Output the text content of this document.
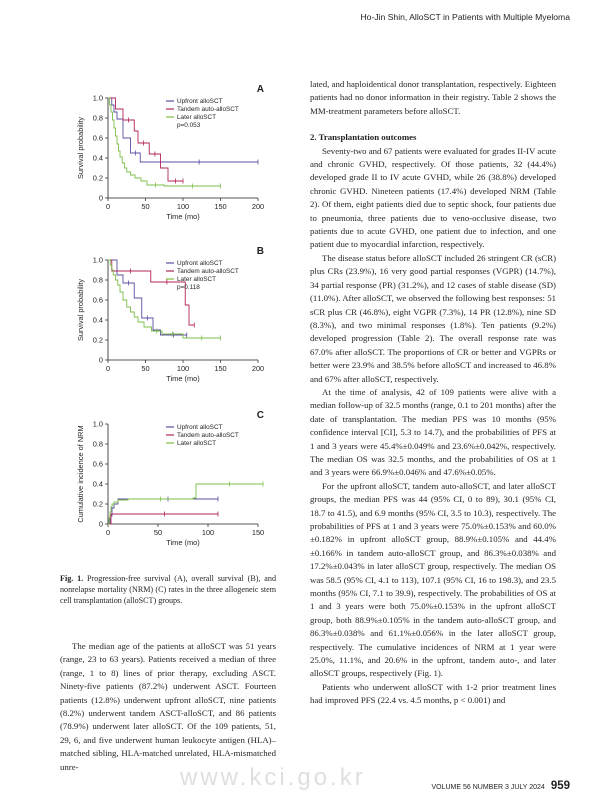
Ho-Jin Shin, AlloSCT in Patients with Multiple Myeloma
A
0
0.2
0.4
0.6
0.8
1.0
0	50	100	150	200
Time (mo)
Survival probability
Upfront alloSCT
Tandem auto-alloSCT
Later alloSCT
p=0.053
B
0
0.2
0.4
0.6
0.8
1.0
0	50	100	150	200
Time (mo)
Survival probability
Upfront alloSCT
Tandem auto-alloSCT
Later alloSCT
p=0.118
C
0
0.2
0.4
0.6
0.8
1.0
0	50	100	150
Time (mo)
Cumulative incidence of NRM	Upfront alloSCT
Tandem auto-alloSCT
Later alloSCT
Fig. 1. Progression-free survival (A), overall survival (B), and nonrelapse mortality (NRM) (C) rates in the three allogeneic stem cell transplantation (alloSCT) groups.

The median age of the patients at alloSCT was 51 years (range, 23 to 63 years). Patients received a median of three (range, 1 to 8) lines of prior therapy, excluding ASCT. Ninety-five patients (87.2%) underwent ASCT. Fourteen patients (12.8%) underwent upfront alloSCT, nine patients (8.2%) underwent tandem ASCT-alloSCT, and 86 patients (78.9%) underwent later alloSCT. Of the 109 patients, 51, 29, 6, and five underwent human leukocyte antigen (HLA)–matched sibling, HLA-matched unrelated, HLA-mismatched unre-

lated, and haploidentical donor transplantation, respectively. Eighteen patients had no donor information in their registry. Table 2 shows the MM-treatment parameters before alloSCT.

2. Transplantation outcomes

Seventy-two and 67 patients were evaluated for grades II-IV acute and chronic GVHD, respectively. Of those patients, 32 (44.4%) developed grade II to IV acute GVHD, while 26 (38.8%) developed chronic GVHD. Nineteen patients (17.4%) developed NRM (Table 2). Of them, eight patients died due to septic shock, four patients due to pneumonia, three patients due to veno-occlusive disease, two patients due to acute GVHD, one patient due to infection, and one patient due to myocardial infarction, respectively.

The disease status before alloSCT included 26 stringent CR (sCR) plus CRs (23.9%), 16 very good partial responses (VGPR) (14.7%), 34 partial response (PR) (31.2%), and 12 cases of stable disease (SD) (11.0%). After alloSCT, we observed the following best responses: 51 sCR plus CR (46.8%), eight VGPR (7.3%), 14 PR (12.8%), nine SD (8.3%), and two minimal responses (1.8%). Ten patients (9.2%) developed progression (Table 2). The overall response rate was 67.0% after alloSCT. The proportions of CR or better and VGPRs or better were 23.9% and 38.5% before alloSCT and increased to 46.8% and 67% after alloSCT, respectively.

At the time of analysis, 42 of 109 patients were alive with a median follow-up of 32.5 months (range, 0.1 to 201 months) after the date of transplantation. The median PFS was 10 months (95% confidence interval [CI], 5.3 to 14.7), and the probabilities of PFS at 1 and 3 years were 45.4%±0.049% and 23.6%±0.042%, respectively. The median OS was 32.5 months, and the probabilities of OS at 1 and 3 years were 66.9%±0.046% and 47.6%±0.05%.

For the upfront alloSCT, tandem auto-alloSCT, and later alloSCT groups, the median PFS was 44 (95% CI, 0 to 89), 30.1 (95% CI, 18.7 to 41.5), and 6.9 months (95% CI, 3.5 to 10.3), respectively. The probabilities of PFS at 1 and 3 years were 75.0%±0.153% and 60.0%±0.182% in upfront alloSCT group, 88.9%±0.105% and 44.4%±0.166% in tandem auto-alloSCT group, and 86.3%±0.038% and 17.2%±0.043% in later alloSCT group, respectively. The median OS was 58.5 (95% CI, 4.1 to 113), 107.1 (95% CI, 16 to 198.3), and 23.5 months (95% CI, 7.1 to 39.9), respectively. The probabilities of OS at 1 and 3 years were both 75.0%±0.153% in the upfront alloSCT group, both 88.9%±0.105% in the tandem auto-alloSCT group, and 86.3%±0.038% and 61.1%±0.056% in the later alloSCT group, respectively. The cumulative incidences of NRM at 1 year were 25.0%, 11.1%, and 20.6% in the upfront, tandem auto-, and later alloSCT groups, respectively (Fig. 1).

Patients who underwent alloSCT with 1-2 prior treatment lines had improved PFS (22.4 vs. 4.5 months, p < 0.001) and

www.kci.go.kr	VOLUME 56 NUMBER 3 JULY 2024 959
